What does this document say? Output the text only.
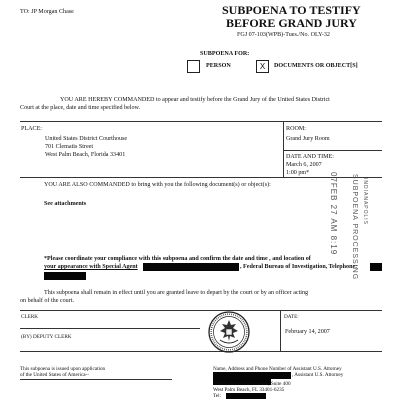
TO: JP Morgan Chase	SUBPOENA TO TESTIFY
BEFORE GRAND JURY
FGJ 07-103(WPB)-Tues./No. OLY-32
SUBPOENA FOR:
PERSON	X	DOCUMENTS OR OBJECT[S]
YOU ARE HEREBY COMMANDED to appear and testify before the Grand Jury of the United States District
Court at the place, date and time specified below.
PLACE:
United States District Courthouse
701 Clematis Street
West Palm Beach, Florida 33401
ROOM:
Grand Jury Room
DATE AND TIME:
March 6, 2007
1:00 pm*
YOU ARE ALSO COMMANDED to bring with you the following document(s) or object(s):
See attachments	07FEB 27 AM 8:19 SUBPOENA PROCESSING INDIANAPOLIS
*Please coordinate your compliance with this subpoena and confirm the date and time , and location of
your appearance with Special Agent	, Federal Bureau of Investigation, Telephone:
This subpoena shall remain in effect until you are granted leave to depart by the court or by an officer acting
on behalf of the court.
CLERK
(BY) DEPUTY CLERK
DATE:
February 14, 2007
This subpoena is issued upon application
of the United States of America--
Name, Address and Phone Number of Assistant U.S. Attorney
, Assistant U.S. Attorney
500 So. Australian Avenue, Suite 400
West Palm Beach, FL 33401-6235
Tel:
